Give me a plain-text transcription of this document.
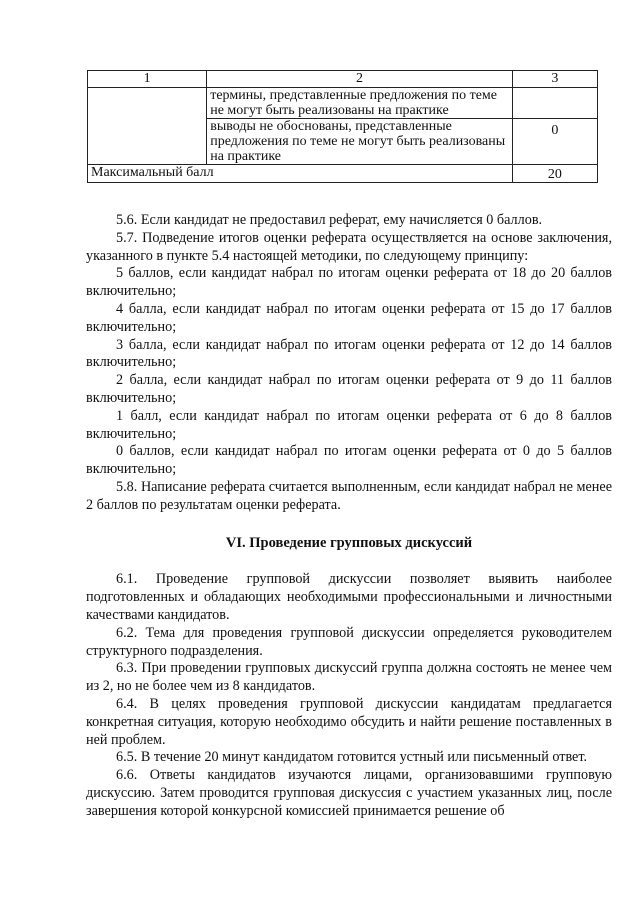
1	2	3
	термины, представленные предложения по теме не могут быть реализованы на практике	
	выводы не обоснованы, представленные предложения по теме не могут быть реализованы на практике	0
Максимальный балл		20

5.6. Если кандидат не предоставил реферат, ему начисляется 0 баллов.

5.7. Подведение итогов оценки реферата осуществляется на основе заключения, указанного в пункте 5.4 настоящей методики, по следующему принципу:

5 баллов, если кандидат набрал по итогам оценки реферата от 18 до 20 баллов включительно;

4 балла, если кандидат набрал по итогам оценки реферата от 15 до 17 баллов включительно;

3 балла, если кандидат набрал по итогам оценки реферата от 12 до 14 баллов включительно;

2 балла, если кандидат набрал по итогам оценки реферата от 9 до 11 баллов включительно;

1 балл, если кандидат набрал по итогам оценки реферата от 6 до 8 баллов включительно;

0 баллов, если кандидат набрал по итогам оценки реферата от 0 до 5 баллов включительно;

5.8. Написание реферата считается выполненным, если кандидат набрал не менее 2 баллов по результатам оценки реферата.

VI. Проведение групповых дискуссий

6.1. Проведение групповой дискуссии позволяет выявить наиболее подготовленных и обладающих необходимыми профессиональными и личностными качествами кандидатов.

6.2. Тема для проведения групповой дискуссии определяется руководителем структурного подразделения.

6.3. При проведении групповых дискуссий группа должна состоять не менее чем из 2, но не более чем из 8 кандидатов.

6.4. В целях проведения групповой дискуссии кандидатам предлагается конкретная ситуация, которую необходимо обсудить и найти решение поставленных в ней проблем.

6.5. В течение 20 минут кандидатом готовится устный или письменный ответ.

6.6. Ответы кандидатов изучаются лицами, организовавшими групповую дискуссию. Затем проводится групповая дискуссия с участием указанных лиц, после завершения которой конкурсной комиссией принимается решение об
